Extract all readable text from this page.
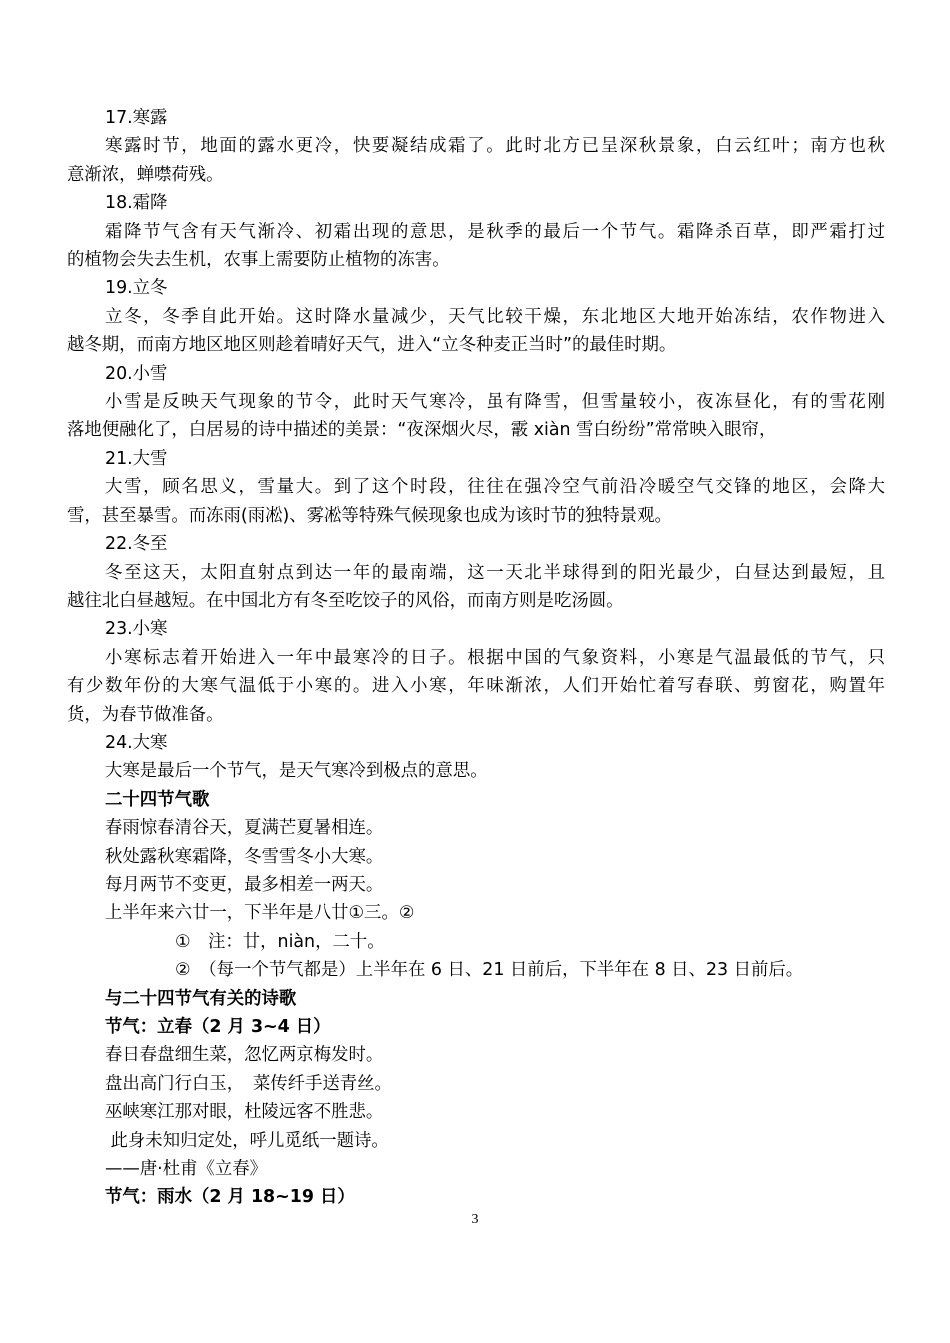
17.寒露
寒露时节，地面的露水更冷，快要凝结成霜了。此时北方已呈深秋景象，白云红叶；南方也秋
意渐浓，蝉噤荷残。
18.霜降
霜降节气含有天气渐冷、初霜出现的意思，是秋季的最后一个节气。霜降杀百草，即严霜打过
的植物会失去生机，农事上需要防止植物的冻害。
19.立冬
立冬，冬季自此开始。这时降水量减少，天气比较干燥，东北地区大地开始冻结，农作物进入
越冬期，而南方地区地区则趁着晴好天气，进入“立冬种麦正当时”的最佳时期。
20.小雪
小雪是反映天气现象的节令，此时天气寒冷，虽有降雪，但雪量较小，夜冻昼化，有的雪花刚
落地便融化了，白居易的诗中描述的美景：“夜深烟火尽，霰 xiàn 雪白纷纷”常常映入眼帘，
21.大雪
大雪，顾名思义，雪量大。到了这个时段，往往在强冷空气前沿冷暖空气交锋的地区，会降大
雪，甚至暴雪。而冻雨(雨凇)、雾凇等特殊气候现象也成为该时节的独特景观。
22.冬至
冬至这天，太阳直射点到达一年的最南端，这一天北半球得到的阳光最少，白昼达到最短，且
越往北白昼越短。在中国北方有冬至吃饺子的风俗，而南方则是吃汤圆。
23.小寒
小寒标志着开始进入一年中最寒冷的日子。根据中国的气象资料，小寒是气温最低的节气，只
有少数年份的大寒气温低于小寒的。进入小寒，年味渐浓，人们开始忙着写春联、剪窗花，购置年
货，为春节做准备。
24.大寒
大寒是最后一个节气，是天气寒冷到极点的意思。
二十四节气歌
春雨惊春清谷天，夏满芒夏暑相连。
秋处露秋寒霜降，冬雪雪冬小大寒。
每月两节不变更，最多相差一两天。
上半年来六廿一，下半年是八廿①三。②
①　注：廿，niàn，二十。
②　（每一个节气都是）上半年在 6 日、21 日前后，下半年在 8 日、23 日前后。
与二十四节气有关的诗歌
节气：立春（2 月 3~4 日）
春日春盘细生菜，忽忆两京梅发时。
盘出高门行白玉，　菜传纤手送青丝。
巫峡寒江那对眼，杜陵远客不胜悲。
此身未知归定处，呼儿觅纸一题诗。
——唐·杜甫《立春》
节气：雨水（2 月 18~19 日）
3
